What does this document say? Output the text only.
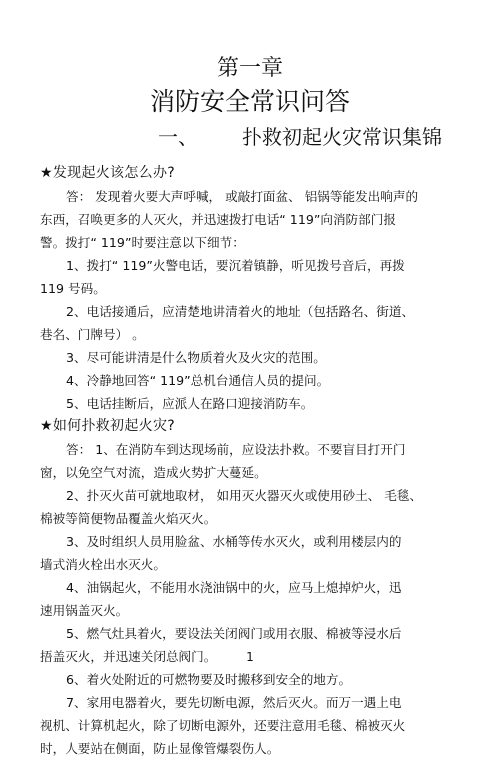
第一章
消防安全常识问答
一、 扑救初起火灾常识集锦
★发现起火该怎么办?
答： 发现着火要大声呼喊， 或敲打面盆、 铝锅等能发出响声的
东西，召唤更多的人灭火，并迅速拨打电话“ 119”向消防部门报
警。拨打“ 119”时要注意以下细节：
1、拨打“ 119”火警电话，要沉着镇静，听见拨号音后，再拨
119 号码。
2、电话接通后，应清楚地讲清着火的地址（包括路名、街道、
巷名、门牌号） 。
3、尽可能讲清是什么物质着火及火灾的范围。
4、冷静地回答“ 119”总机台通信人员的提问。
5、电话挂断后，应派人在路口迎接消防车。
★如何扑救初起火灾?
答： 1、在消防车到达现场前，应设法扑救。不要盲目打开门
窗，以免空气对流，造成火势扩大蔓延。
2、扑灭火苗可就地取材， 如用灭火器灭火或使用砂土、 毛毯、
棉被等简便物品覆盖火焰灭火。
3、及时组织人员用脸盆、水桶等传水灭火，或利用楼层内的
墙式消火栓出水灭火。
4、油锅起火，不能用水浇油锅中的火，应马上熄掉炉火，迅
速用锅盖灭火。
5、燃气灶具着火，要设法关闭阀门或用衣服、棉被等浸水后
捂盖灭火，并迅速关闭总阀门。
6、着火处附近的可燃物要及时搬移到安全的地方。
7、家用电器着火，要先切断电源，然后灭火。而万一遇上电
视机、计算机起火，除了切断电源外，还要注意用毛毯、棉被灭火
时，人要站在侧面，防止显像管爆裂伤人。
1
